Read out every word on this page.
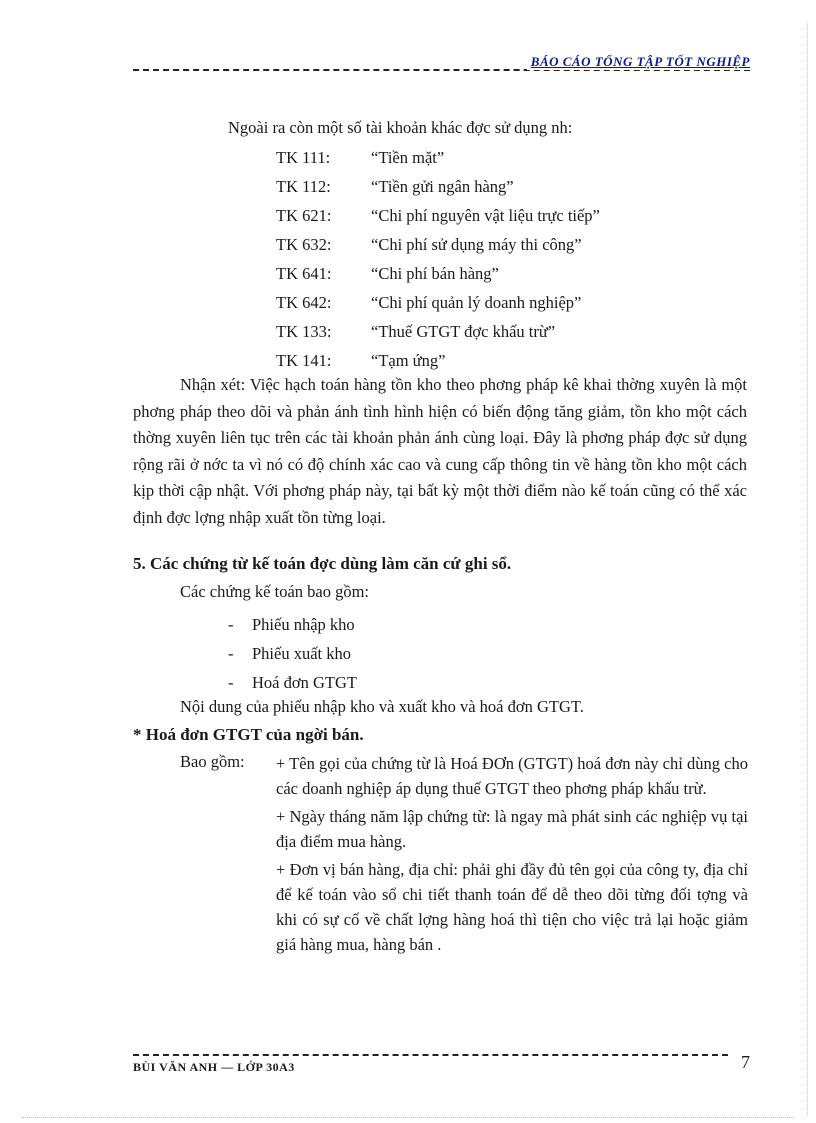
BÁO CÁO TỔNG TẬP TỐT NGHIỆP
Ngoài ra còn một số tài khoản khác đợc sử dụng nh:
TK 111: “Tiền mặt”
TK 112: “Tiền gửi ngân hàng”
TK 621: “Chi phí nguyên vật liệu trực tiếp”
TK 632: “Chi phí sử dụng máy thi công”
TK 641: “Chi phí bán hàng”
TK 642: “Chi phí quản lý doanh nghiệp”
TK 133: “Thuế GTGT đợc khấu trừ”
TK 141: “Tạm ứng”
Nhận xét: Việc hạch toán hàng tồn kho theo phơng pháp kê khai thờng xuyên là một phơng pháp theo dõi và phản ánh tình hình hiện có biến động tăng giảm, tồn kho một cách thờng xuyên liên tục trên các tài khoản phản ánh cùng loại. Đây là phơng pháp đợc sử dụng rộng rãi ở nớc ta vì nó có độ chính xác cao và cung cấp thông tin về hàng tồn kho một cách kịp thời cập nhật. Với phơng pháp này, tại bất kỳ một thời điểm nào kế toán cũng có thể xác định đợc lợng nhập xuất tồn từng loại.
5. Các chứng từ kế toán đợc dùng làm căn cứ ghi sổ.
Các chứng kế toán bao gồm:
- Phiếu nhập kho
- Phiếu xuất kho
- Hoá đơn GTGT
Nội dung của phiếu nhập kho và xuất kho và hoá đơn GTGT.
* Hoá đơn GTGT của ngời bán.
Bao gồm: + Tên gọi của chứng từ là Hoá ĐƠn (GTGT) hoá đơn này chỉ dùng cho các doanh nghiệp áp dụng thuế GTGT theo phơng pháp khấu trừ.
+ Ngày tháng năm lập chứng từ: là ngay mà phát sinh các nghiệp vụ tại địa điểm mua hàng.
+ Đơn vị bán hàng, địa chỉ: phải ghi đầy đủ tên gọi của công ty, địa chỉ để kế toán vào sổ chi tiết thanh toán để dễ theo dõi từng đối tợng và khi có sự cố về chất lợng hàng hoá thì tiện cho việc trả lại hoặc giảm giá hàng mua, hàng bán .
BÙI VĂN ANH — LỚP 30A3	7
